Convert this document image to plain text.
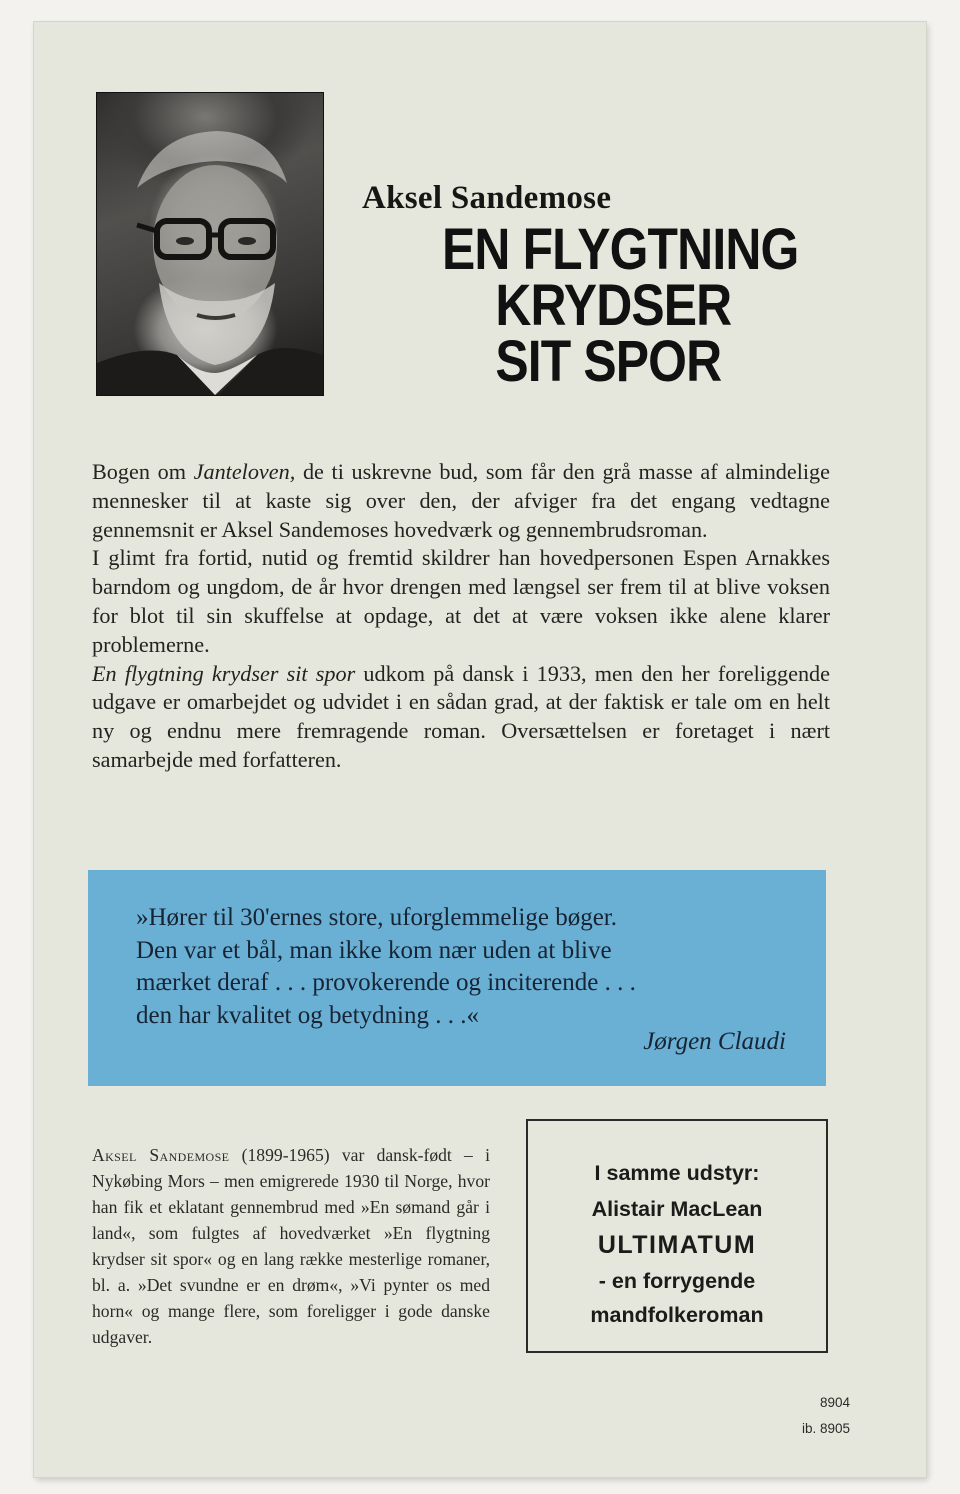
Aksel Sandemose
EN FLYGTNING
KRYDSER
SIT SPOR

Bogen om Janteloven, de ti uskrevne bud, som får den grå masse af almindelige mennesker til at kaste sig over den, der afviger fra det engang vedtagne gennemsnit er Aksel Sandemoses hovedværk og gennembrudsroman.

I glimt fra fortid, nutid og fremtid skildrer han hovedpersonen Espen Arnakkes barndom og ungdom, de år hvor drengen med længsel ser frem til at blive voksen for blot til sin skuffelse at opdage, at det at være voksen ikke alene klarer problemerne.

En flygtning krydser sit spor udkom på dansk i 1933, men den her foreliggende udgave er omarbejdet og udvidet i en sådan grad, at der faktisk er tale om en helt ny og endnu mere fremragende roman. Oversættelsen er foretaget i nært samarbejde med forfatteren.

»Hører til 30'ernes store, uforglemmelige bøger.
Den var et bål, man ikke kom nær uden at blive
mærket deraf . . . provokerende og inciterende . . .
den har kvalitet og betydning . . .«
Jørgen Claudi
Aksel Sandemose (1899-1965) var dansk-født – i Nykøbing Mors – men emigrerede 1930 til Norge, hvor han fik et eklatant gennembrud med »En sømand går i land«, som fulgtes af hovedværket »En flygtning krydser sit spor« og en lang række mesterlige romaner, bl. a. »Det svundne er en drøm«, »Vi pynter os med horn« og mange flere, som foreligger i gode danske udgaver.
I samme udstyr:
Alistair MacLean
ULTIMATUM
- en forrygende
mandfolkeroman
8904
ib. 8905
